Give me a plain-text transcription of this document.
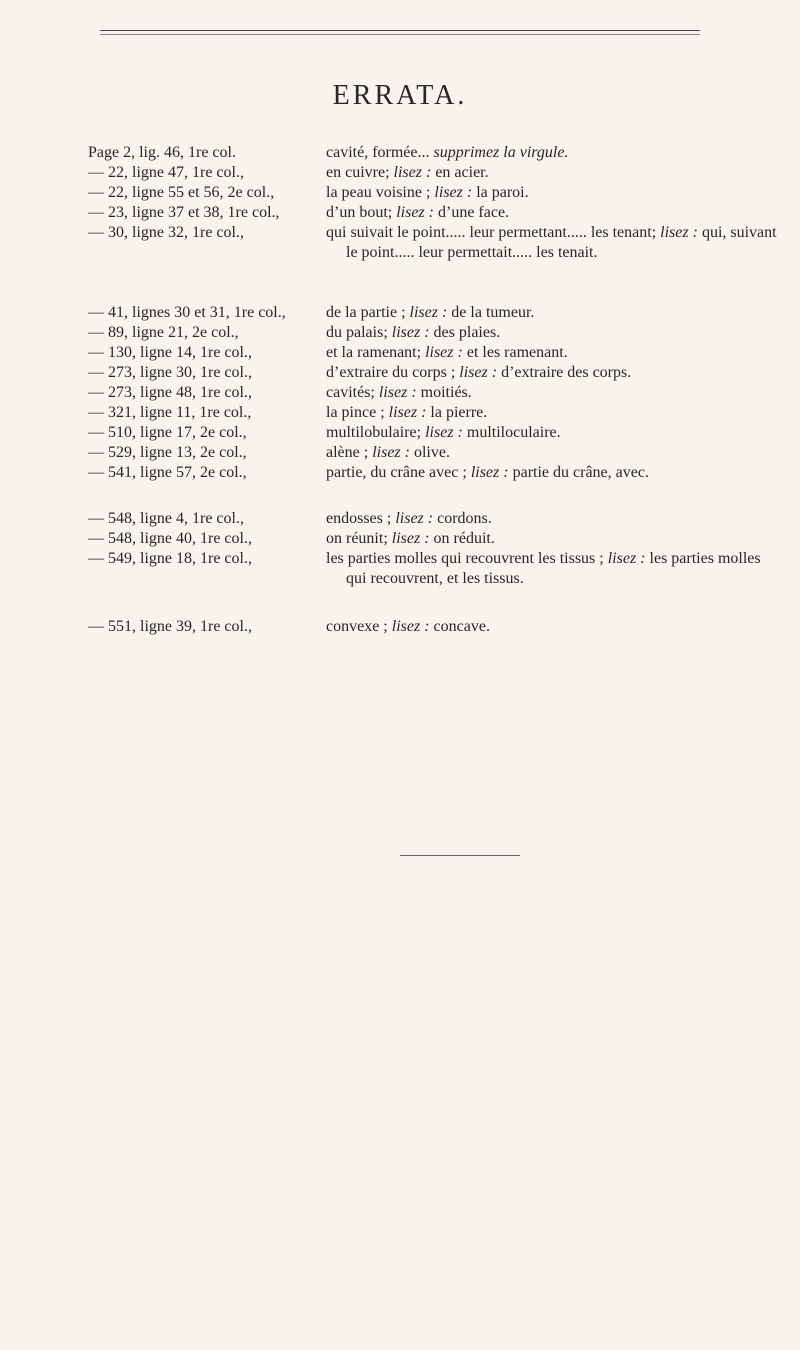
ERRATA.
Page 2, lig. 46, 1re col.	cavité, formée... supprimez la virgule.
— 22, ligne 47, 1re col.,	en cuivre; lisez : en acier.
— 22, ligne 55 et 56, 2e col.,	la peau voisine ; lisez : la paroi.
— 23, ligne 37 et 38, 1re col.,	d’un bout; lisez : d’une face.
— 30, ligne 32, 1re col.,	qui suivait le point..... leur permettant..... les tenant; lisez : qui, suivant le point..... leur permettait..... les tenait.
— 41, lignes 30 et 31, 1re col.,	de la partie ; lisez : de la tumeur.
— 89, ligne 21, 2e col.,	du palais; lisez : des plaies.
— 130, ligne 14, 1re col.,	et la ramenant; lisez : et les ramenant.
— 273, ligne 30, 1re col.,	d’extraire du corps ; lisez : d’extraire des corps.
— 273, ligne 48, 1re col.,	cavités; lisez : moitiés.
— 321, ligne 11, 1re col.,	la pince ; lisez : la pierre.
— 510, ligne 17, 2e col.,	multilobulaire; lisez : multiloculaire.
— 529, ligne 13, 2e col.,	alène ; lisez : olive.
— 541, ligne 57, 2e col.,	partie, du crâne avec ; lisez : partie du crâne, avec.
— 548, ligne 4, 1re col.,	endosses ; lisez : cordons.
— 548, ligne 40, 1re col.,	on réunit; lisez : on réduit.
— 549, ligne 18, 1re col.,	les parties molles qui recouvrent les tissus ; lisez : les parties molles qui recouvrent, et les tissus.
— 551, ligne 39, 1re col.,	convexe ; lisez : concave.
